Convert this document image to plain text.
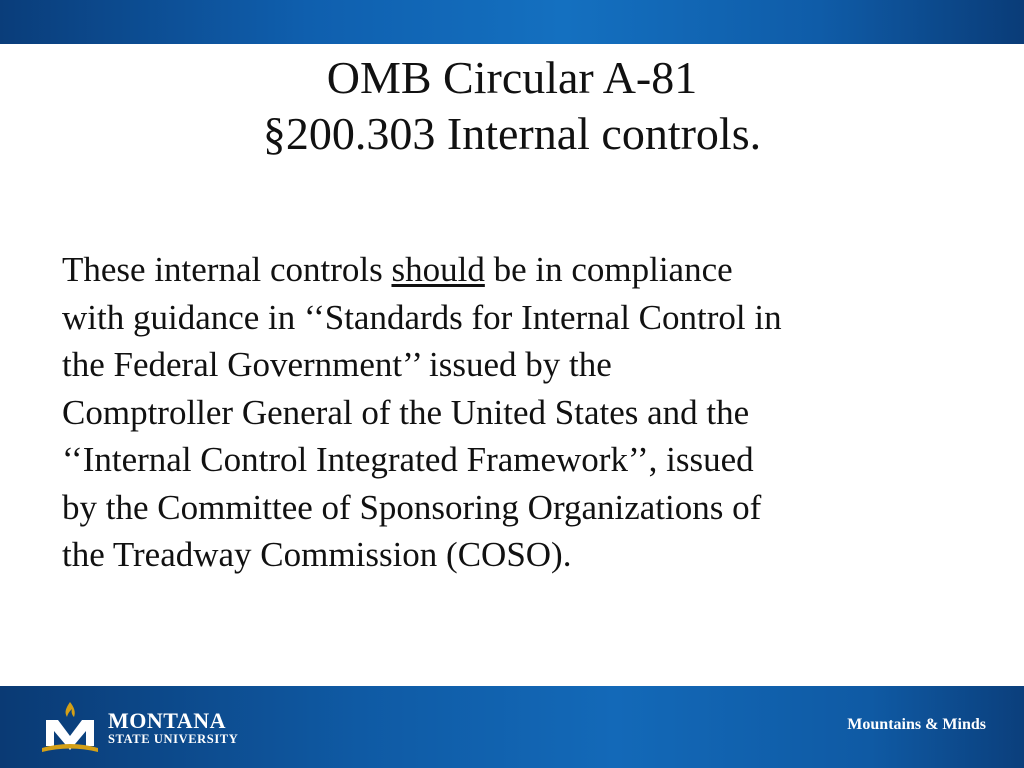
OMB Circular A-81
§200.303 Internal controls.
These internal controls should be in compliance
with guidance in ‘‘Standards for Internal Control in
the Federal Government’’ issued by the
Comptroller General of the United States and the
‘‘Internal Control Integrated Framework’’, issued
by the Committee of Sponsoring Organizations of
the Treadway Commission (COSO).
MONTANA
STATE UNIVERSITY
Mountains & Minds
